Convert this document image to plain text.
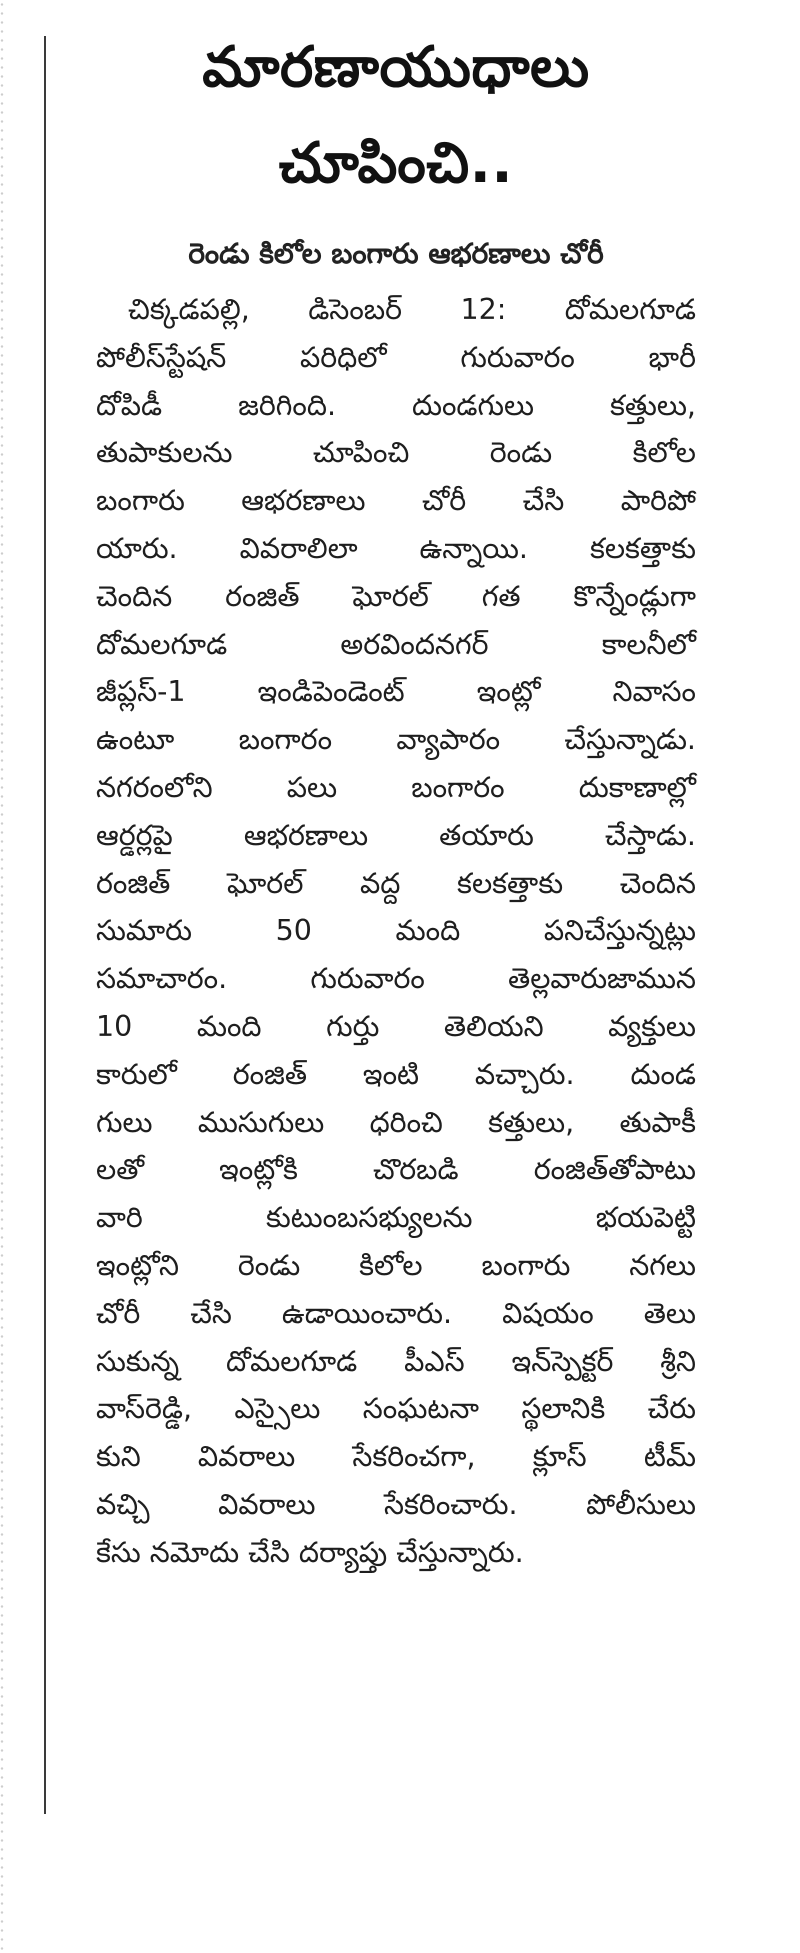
మారణాయుధాలు
చూపించి..
రెండు కిలోల బంగారు ఆభరణాలు చోరీ
చిక్కడపల్లి, డిసెంబర్ 12: దోమలగూడ
పోలీస్‌స్టేషన్ పరిధిలో గురువారం భారీ
దోపిడీ జరిగింది. దుండగులు కత్తులు,
తుపాకులను చూపించి రెండు కిలోల
బంగారు ఆభరణాలు చోరీ చేసి పారిపో
యారు. వివరాలిలా ఉన్నాయి. కలకత్తాకు
చెందిన రంజిత్ ఘోరల్ గత కొన్నేండ్లుగా
దోమలగూడ అరవిందనగర్ కాలనీలో
జీప్లస్-1 ఇండిపెండెంట్ ఇంట్లో నివాసం
ఉంటూ బంగారం వ్యాపారం చేస్తున్నాడు.
నగరంలోని పలు బంగారం దుకాణాల్లో
ఆర్డర్లపై ఆభరణాలు తయారు చేస్తాడు.
రంజిత్ ఘోరల్ వద్ద కలకత్తాకు చెందిన
సుమారు 50 మంది పనిచేస్తున్నట్లు
సమాచారం. గురువారం తెల్లవారుజామున
10 మంది గుర్తు తెలియని వ్యక్తులు
కారులో రంజిత్ ఇంటి వచ్చారు. దుండ
గులు ముసుగులు ధరించి కత్తులు, తుపాకీ
లతో ఇంట్లోకి చొరబడి రంజిత్‌తోపాటు
వారి కుటుంబసభ్యులను భయపెట్టి
ఇంట్లోని రెండు కిలోల బంగారు నగలు
చోరీ చేసి ఉడాయించారు. విషయం తెలు
సుకున్న దోమలగూడ పీఎస్ ఇన్‌స్పెక్టర్ శ్రీని
వాస్‌రెడ్డి, ఎస్సైలు సంఘటనా స్థలానికి చేరు
కుని వివరాలు సేకరించగా, క్లూస్ టీమ్
వచ్చి వివరాలు సేకరించారు. పోలీసులు
కేసు నమోదు చేసి దర్యాప్తు చేస్తున్నారు.
